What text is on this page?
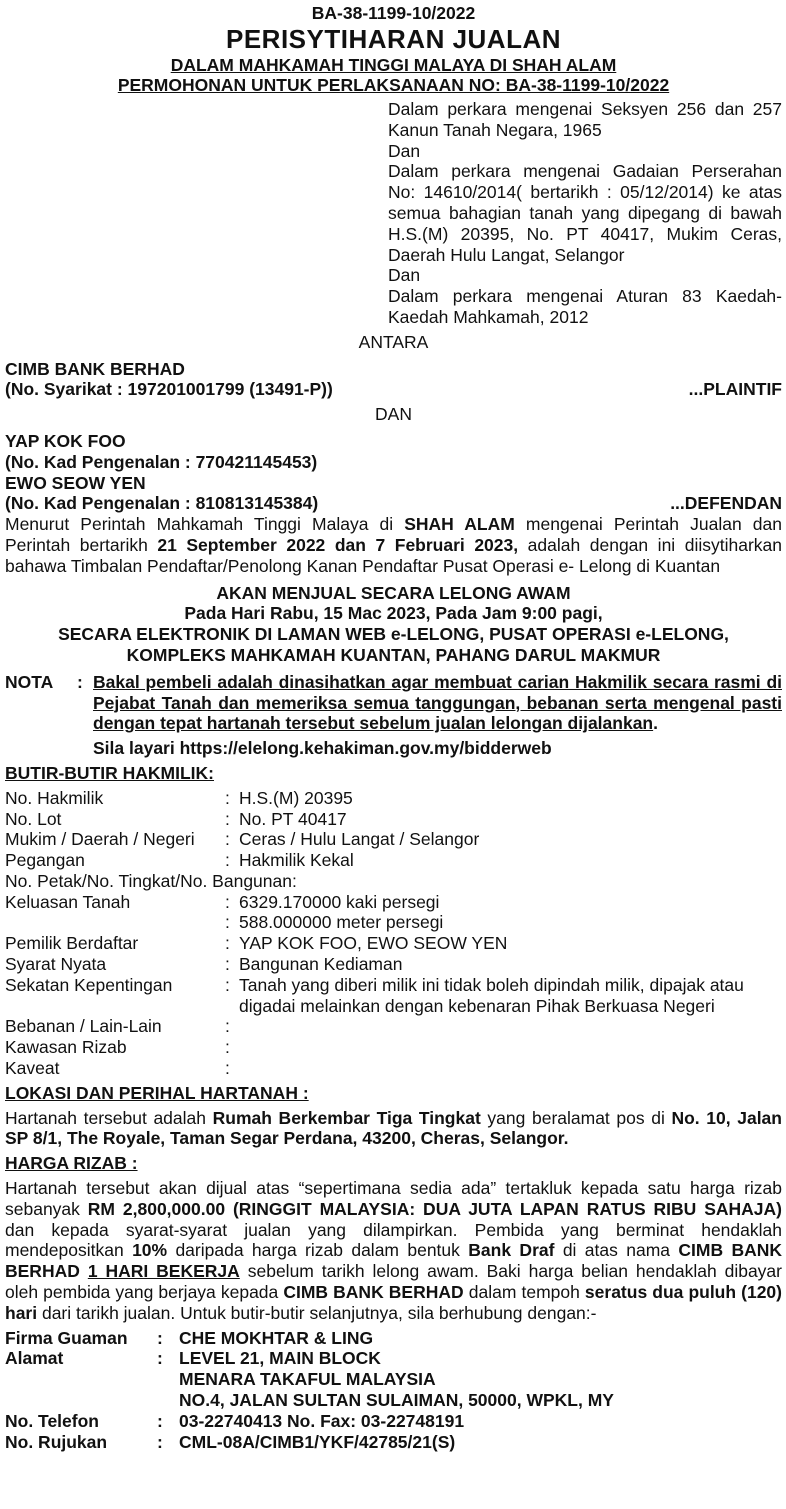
BA-38-1199-10/2022
PERISYTIHARAN JUALAN
DALAM MAHKAMAH TINGGI MALAYA DI SHAH ALAM
PERMOHONAN UNTUK PERLAKSANAAN NO: BA-38-1199-10/2022
Dalam perkara mengenai Seksyen 256 dan 257 Kanun Tanah Negara, 1965
Dan
Dalam perkara mengenai Gadaian Perserahan No: 14610/2014( bertarikh : 05/12/2014) ke atas semua bahagian tanah yang dipegang di bawah H.S.(M) 20395, No. PT 40417, Mukim Ceras, Daerah Hulu Langat, Selangor
Dan
Dalam perkara mengenai Aturan 83 Kaedah-Kaedah Mahkamah, 2012
ANTARA
CIMB BANK BERHAD
(No. Syarikat : 197201001799 (13491-P))	...PLAINTIF
DAN
YAP KOK FOO
(No. Kad Pengenalan : 770421145453)
EWO SEOW YEN
(No. Kad Pengenalan : 810813145384)	...DEFENDAN
Menurut Perintah Mahkamah Tinggi Malaya di SHAH ALAM mengenai Perintah Jualan dan Perintah bertarikh 21 September 2022 dan 7 Februari 2023, adalah dengan ini diisytiharkan bahawa Timbalan Pendaftar/Penolong Kanan Pendaftar Pusat Operasi e- Lelong di Kuantan
AKAN MENJUAL SECARA LELONG AWAM
Pada Hari Rabu, 15 Mac 2023, Pada Jam 9:00 pagi,
SECARA ELEKTRONIK DI LAMAN WEB e-LELONG, PUSAT OPERASI e-LELONG,
KOMPLEKS MAHKAMAH KUANTAN, PAHANG DARUL MAKMUR
NOTA	: Bakal pembeli adalah dinasihatkan agar membuat carian Hakmilik secara rasmi di Pejabat Tanah dan memeriksa semua tanggungan, bebanan serta mengenal pasti dengan tepat hartanah tersebut sebelum jualan lelongan dijalankan.
Sila layari https://elelong.kehakiman.gov.my/bidderweb
BUTIR-BUTIR HAKMILIK:
No. Hakmilik	:	H.S.(M) 20395
No. Lot	:	No. PT 40417
Mukim / Daerah / Negeri	:	Ceras / Hulu Langat / Selangor
Pegangan	:	Hakmilik Kekal
No. Petak/No. Tingkat/No. Bangunan:
Keluasan Tanah	:	6329.170000 kaki persegi
	:	588.000000 meter persegi
Pemilik Berdaftar	:	YAP KOK FOO, EWO SEOW YEN
Syarat Nyata	:	Bangunan Kediaman
Sekatan Kepentingan	:	Tanah yang diberi milik ini tidak boleh dipindah milik, dipajak atau digadai melainkan dengan kebenaran Pihak Berkuasa Negeri
Bebanan / Lain-Lain	:	
Kawasan Rizab	:	
Kaveat	:	
LOKASI DAN PERIHAL HARTANAH :
Hartanah tersebut adalah Rumah Berkembar Tiga Tingkat yang beralamat pos di No. 10, Jalan SP 8/1, The Royale, Taman Segar Perdana, 43200, Cheras, Selangor.
HARGA RIZAB :
Hartanah tersebut akan dijual atas “sepertimana sedia ada” tertakluk kepada satu harga rizab sebanyak RM 2,800,000.00 (RINGGIT MALAYSIA: DUA JUTA LAPAN RATUS RIBU SAHAJA) dan kepada syarat-syarat jualan yang dilampirkan. Pembida yang berminat hendaklah mendepositkan 10% daripada harga rizab dalam bentuk Bank Draf di atas nama CIMB BANK BERHAD 1 HARI BEKERJA sebelum tarikh lelong awam. Baki harga belian hendaklah dibayar oleh pembida yang berjaya kepada CIMB BANK BERHAD dalam tempoh seratus dua puluh (120) hari dari tarikh jualan. Untuk butir-butir selanjutnya, sila berhubung dengan:-
Firma Guaman	:	CHE MOKHTAR & LING
Alamat	:	LEVEL 21, MAIN BLOCK
		MENARA TAKAFUL MALAYSIA
		NO.4, JALAN SULTAN SULAIMAN, 50000, WPKL, MY
No. Telefon	:	03-22740413 No. Fax: 03-22748191
No. Rujukan	:	CML-08A/CIMB1/YKF/42785/21(S)
